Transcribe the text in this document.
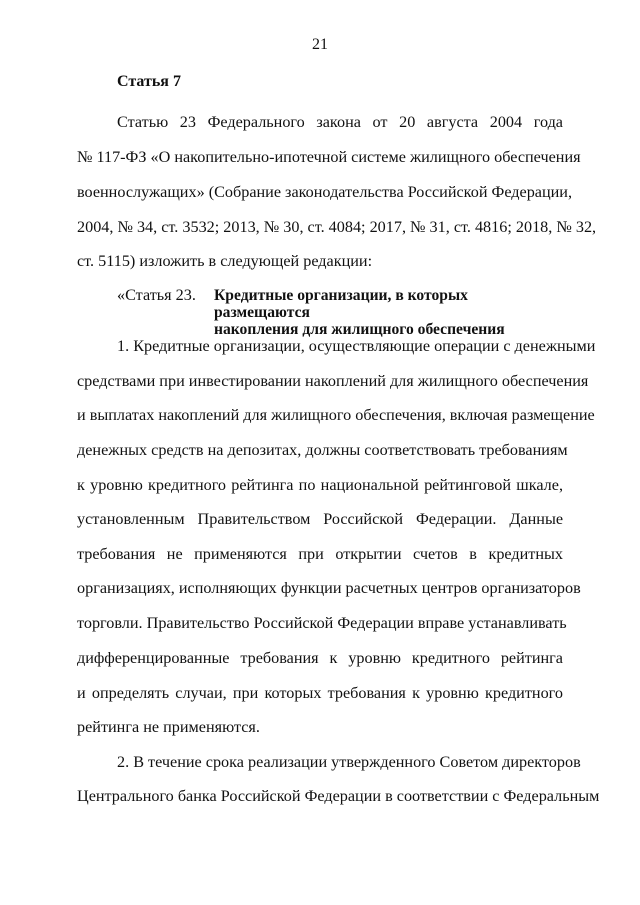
21
Статья 7
Статью 23 Федерального закона от 20 августа 2004 года
№ 117-ФЗ «О накопительно-ипотечной системе жилищного обеспечения
военнослужащих» (Собрание законодательства Российской Федерации,
2004, № 34, ст. 3532; 2013, № 30, ст. 4084; 2017, № 31, ст. 4816; 2018, № 32,
ст. 5115) изложить в следующей редакции:
«Статья 23. Кредитные организации, в которых размещаются
накопления для жилищного обеспечения
1. Кредитные организации, осуществляющие операции с денежными
средствами при инвестировании накоплений для жилищного обеспечения
и выплатах накоплений для жилищного обеспечения, включая размещение
денежных средств на депозитах, должны соответствовать требованиям
к уровню кредитного рейтинга по национальной рейтинговой шкале,
установленным Правительством Российской Федерации. Данные
требования не применяются при открытии счетов в кредитных
организациях, исполняющих функции расчетных центров организаторов
торговли. Правительство Российской Федерации вправе устанавливать
дифференцированные требования к уровню кредитного рейтинга
и определять случаи, при которых требования к уровню кредитного
рейтинга не применяются.
2. В течение срока реализации утвержденного Советом директоров
Центрального банка Российской Федерации в соответствии с Федеральным
